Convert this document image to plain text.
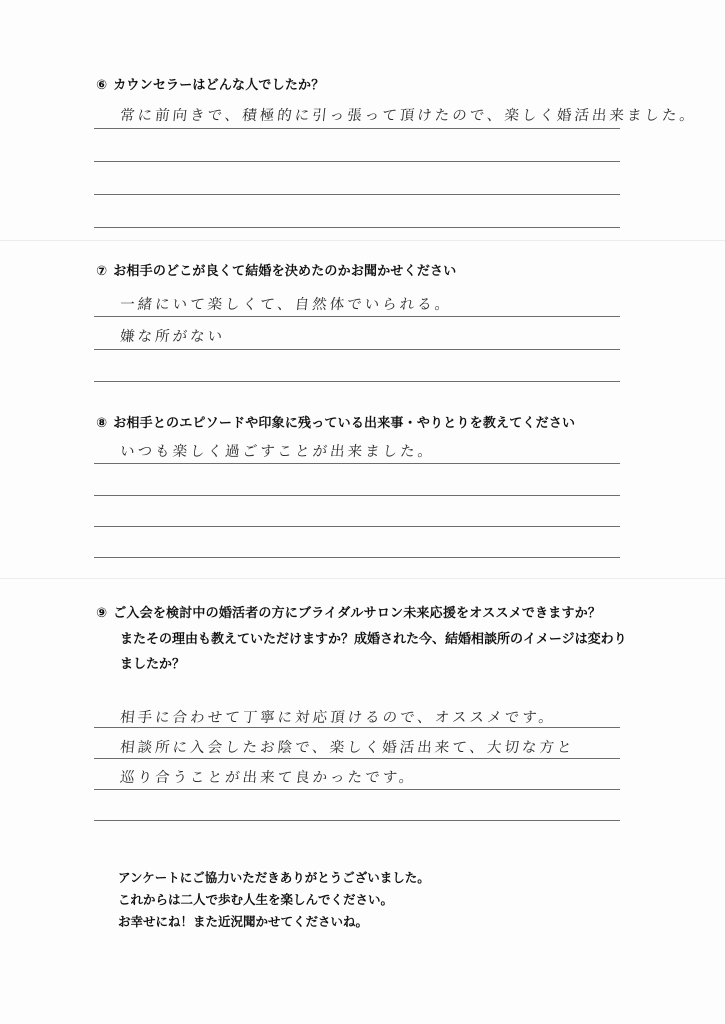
⑥ カウンセラーはどんな人でしたか？
常に前向きで、積極的に引っ張って頂けたので、楽しく婚活出来ました。
⑦ お相手のどこが良くて結婚を決めたのかお聞かせください
一緒にいて楽しくて、自然体でいられる。
嫌な所がない
⑧ お相手とのエピソードや印象に残っている出来事・やりとりを教えてください
いつも楽しく過ごすことが出来ました。
⑨ ご入会を検討中の婚活者の方にブライダルサロン未来応援をオススメできますか？
またその理由も教えていただけますか？成婚された今、結婚相談所のイメージは変わり
ましたか？
相手に合わせて丁寧に対応頂けるので、オススメです。
相談所に入会したお陰で、楽しく婚活出来て、大切な方と
巡り合うことが出来て良かったです。
アンケートにご協力いただきありがとうございました。
これからは二人で歩む人生を楽しんでください。
お幸せにね！また近況聞かせてくださいね。
